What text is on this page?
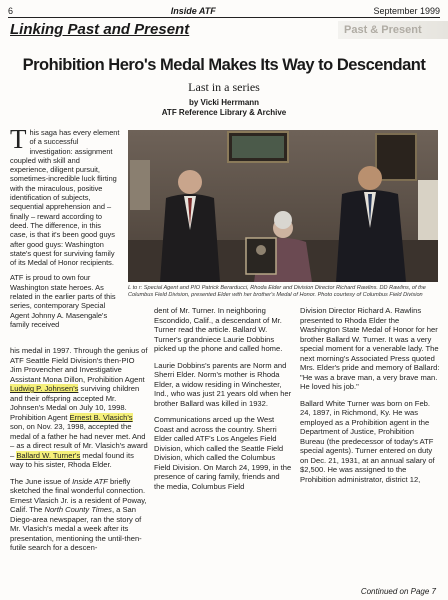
6	Inside ATF	September 1999
Linking Past and Present	Past & Present
Prohibition Hero's Medal Makes Its Way to Descendant
Last in a series
by Vicki Herrmann
ATF Reference Library & Archive

This saga has every element of a successful investigation: assignment coupled with skill and experience, diligent pursuit, sometimes-incredible luck flirting with the miraculous, positive identification of subjects, sequential apprehension and – finally – reward according to deed. The difference, in this case, is that it's been good guys after good guys: Washington state's quest for surviving family of its Medal of Honor recipients.

ATF is proud to own four Washington state heroes. As related in the earlier parts of this series, contemporary Special Agent Johnny A. Masengale's family received

L to r: Special Agent and PIO Patrick Berarducci, Rhoda Elder and Division Director Richard Rawlins. DD Rawlins, of the Columbus Field Division, presented Elder with her brother's Medal of Honor. Photo courtesy of Columbus Field Division

his medal in 1997. Through the genius of ATF Seattle Field Division's then-PIO Jim Provencher and Investigative Assistant Mona Dillon, Prohibition Agent Ludwig P. Johnsen's surviving children and their offspring accepted Mr. Johnsen's Medal on July 10, 1998. Prohibition Agent Ernest B. Vlasich's son, on Nov. 23, 1998, accepted the medal of a father he had never met. And – as a direct result of Mr. Vlasich's award – Ballard W. Turner's medal found its way to his sister, Rhoda Elder.

The June issue of Inside ATF briefly sketched the final wonderful connection. Ernest Vlasich Jr. is a resident of Poway, Calif. The North County Times, a San Diego-area newspaper, ran the story of Mr. Vlasich's medal a week after its presentation, mentioning the until-then-futile search for a descen-

dent of Mr. Turner. In neighboring Escondido, Calif., a descendant of Mr. Turner read the article. Ballard W. Turner's grandniece Laurie Dobbins picked up the phone and called home.

Laurie Dobbins's parents are Norm and Sherri Elder. Norm's mother is Rhoda Elder, a widow residing in Winchester, Ind., who was just 21 years old when her brother Ballard was killed in 1932.

Communications arced up the West Coast and across the country. Sherri Elder called ATF's Los Angeles Field Division, which called the Seattle Field Division, which called the Columbus Field Division. On March 24, 1999, in the presence of caring family, friends and the media, Columbus Field

Division Director Richard A. Rawlins presented to Rhoda Elder the Washington State Medal of Honor for her brother Ballard W. Turner. It was a very special moment for a venerable lady. The next morning's Associated Press quoted Mrs. Elder's pride and memory of Ballard: "He was a brave man, a very brave man. He loved his job."

Ballard White Turner was born on Feb. 24, 1897, in Richmond, Ky. He was employed as a Prohibition agent in the Department of Justice, Prohibition Bureau (the predecessor of today's ATF special agents). Turner entered on duty on Dec. 21, 1931, at an annual salary of $2,500. He was assigned to the Prohibition administrator, district 12,

Continued on Page 7
